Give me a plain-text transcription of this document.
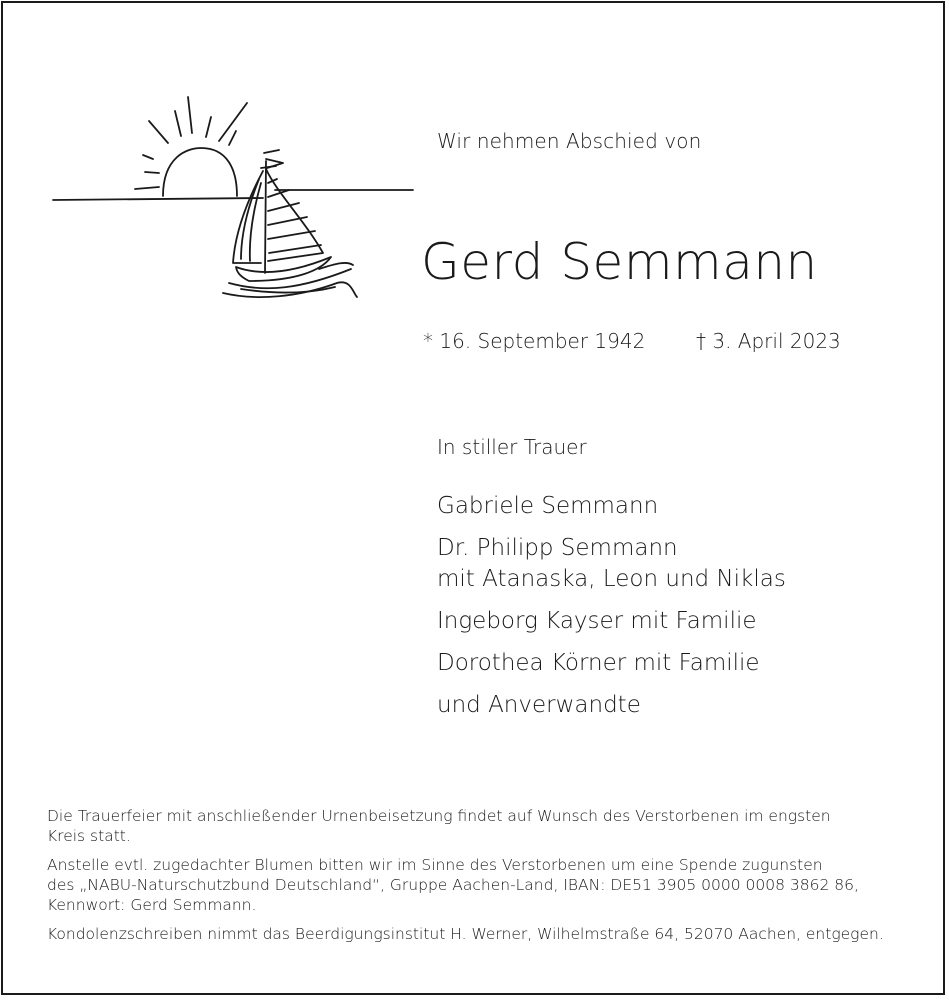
Wir nehmen Abschied von
Gerd Semmann
* 16. September 1942	† 3. April 2023
In stiller Trauer
Gabriele Semmann
Dr. Philipp Semmann
mit Atanaska, Leon und Niklas
Ingeborg Kayser mit Familie
Dorothea Körner mit Familie
und Anverwandte
Die Trauerfeier mit anschließender Urnenbeisetzung findet auf Wunsch des Verstorbenen im engsten
Kreis statt.
Anstelle evtl. zugedachter Blumen bitten wir im Sinne des Verstorbenen um eine Spende zugunsten
des „NABU-Naturschutzbund Deutschland“, Gruppe Aachen-Land, IBAN: DE51 3905 0000 0008 3862 86,
Kennwort: Gerd Semmann.
Kondolenzschreiben nimmt das Beerdigungsinstitut H. Werner, Wilhelmstraße 64, 52070 Aachen, entgegen.
